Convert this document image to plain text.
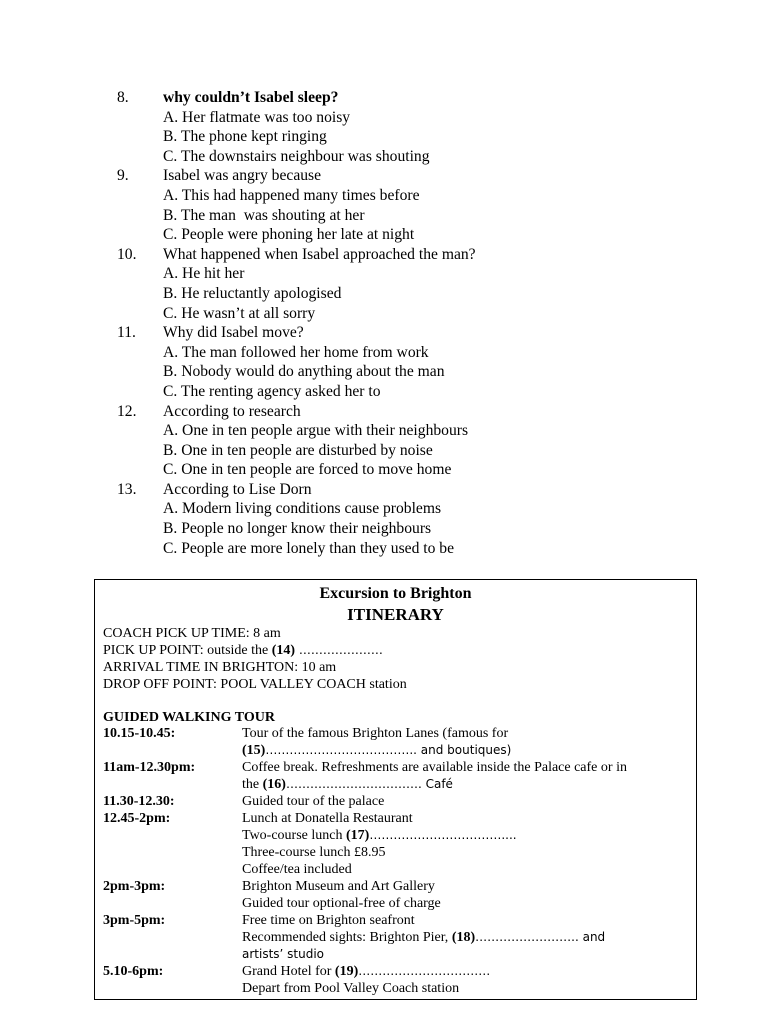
8. why couldn’t Isabel sleep?
A. Her flatmate was too noisy
B. The phone kept ringing
C. The downstairs neighbour was shouting
9. Isabel was angry because
A. This had happened many times before
B. The man  was shouting at her
C. People were phoning her late at night
10. What happened when Isabel approached the man?
A. He hit her
B. He reluctantly apologised
C. He wasn’t at all sorry
11. Why did Isabel move?
A. The man followed her home from work
B. Nobody would do anything about the man
C. The renting agency asked her to
12. According to research
A. One in ten people argue with their neighbours
B. One in ten people are disturbed by noise
C. One in ten people are forced to move home
13. According to Lise Dorn
A. Modern living conditions cause problems
B. People no longer know their neighbours
C. People are more lonely than they used to be
Excursion to Brighton
ITINERARY
COACH PICK UP TIME: 8 am
PICK UP POINT: outside the (14) …………………
ARRIVAL TIME IN BRIGHTON: 10 am
DROP OFF POINT: POOL VALLEY COACH station
GUIDED WALKING TOUR
10.15-10.45:	Tour of the famous Brighton Lanes (famous for
(15)……………………………….. and boutiques)
11am-12.30pm:	Coffee break. Refreshments are available inside the Palace cafe or in
the (16)……………………………. Café
11.30-12.30:	Guided tour of the palace
12.45-2pm:	Lunch at Donatella Restaurant
Two-course lunch (17)……………………………....
Three-course lunch £8.95
Coffee/tea included
2pm-3pm:	Brighton Museum and Art Gallery
Guided tour optional-free of charge
3pm-5pm:	Free time on Brighton seafront
Recommended sights: Brighton Pier, (18)…………………….. and
artists’ studio
5.10-6pm:	Grand Hotel for (19)……………………………
Depart from Pool Valley Coach station
